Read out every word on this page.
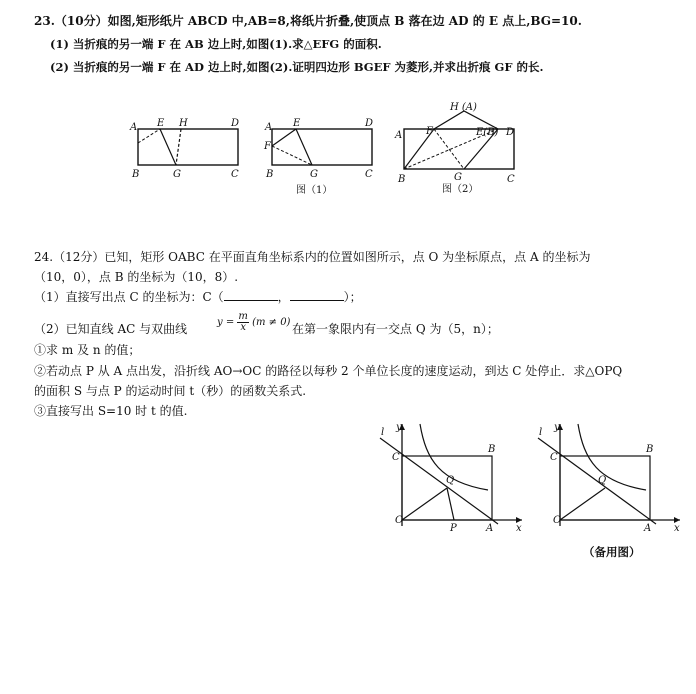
23.（10分）如图,矩形纸片 ABCD 中,AB=8,将纸片折叠,使顶点 B 落在边 AD 的 E 点上,BG=10.
(1) 当折痕的另一端 F 在 AB 边上时,如图(1).求△EFG 的面积.
(2) 当折痕的另一端 F 在 AD 边上时,如图(2).证明四边形 BGEF 为菱形,并求出折痕 GF 的长.
A E H	D
B	G	C
A E	D
F
B	G	C
图（1）
H (A)
A F	E(B) D
B	G	C
图（2）
24.（12分）已知，矩形 OABC 在平面直角坐标系内的位置如图所示，点 O 为坐标原点，点 A 的坐标为
（10，0），点 B 的坐标为（10，8）.
（1）直接写出点 C 的坐标为：C（	，	）；
（2）已知直线 AC 与双曲线	$y = \frac{m}{x} (m \ne 0)$ 在第一象限内有一交点 Q 为（5，n）；
①求 m 及 n 的值；
②若动点 P 从 A 点出发，沿折线 AO→OC 的路径以每秒 2 个单位长度的速度运动，到达 C 处停止．求△OPQ
的面积 S 与点 P 的运动时间 t（秒）的函数关系式.
③直接写出 S=10 时 t 的值.
y
l
C
B
Q
O
P	A x
y
l
C
B
Q
O
A x
（备用图）
